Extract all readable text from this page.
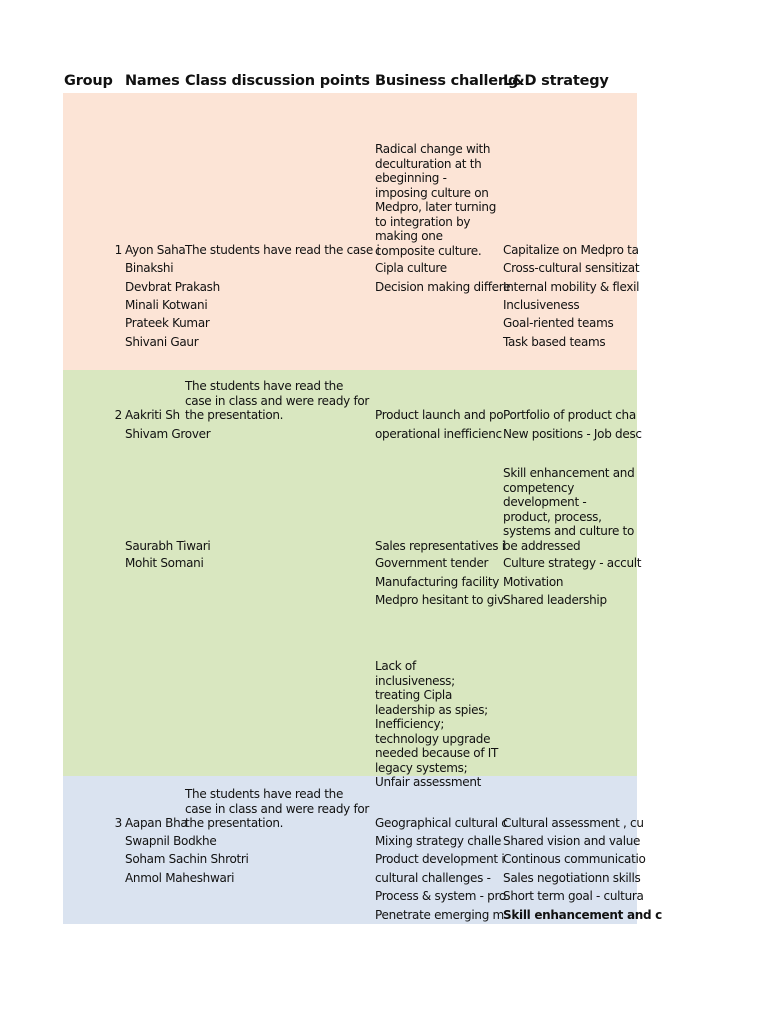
Group Names Class discussion points Business challeng
L&D strategy
1 Ayon Saha
Binakshi
Devbrat Prakash
Minali Kotwani
Prateek Kumar
Shivani Gaur
The students have read the case i
Radical change with deculturation at th ebeginning - imposing culture on Medpro, later turning to integration by making one composite culture.
Cipla culture
Decision making differe
Capitalize on Medpro ta
Cross-cultural sensitizat
Internal mobility & flexil
Inclusiveness
Goal-riented teams
Task based teams
The students have read the case in class and were ready for the presentation.
2 Aakriti Sh
Shivam Grover
Saurabh Tiwari
Mohit Somani
Product launch and po
operational inefficienc
Sales representatives i
Government tender
Manufacturing facility
Medpro hesitant to giv
Lack of inclusiveness; treating Cipla leadership as spies; Inefficiency; technology upgrade needed because of IT legacy systems; Unfair assessment
Portfolio of product cha
New positions - Job desc
Skill enhancement and competency development - product, process, systems and culture to be addressed
Culture strategy - accult
Motivation
Shared leadership
The students have read the case in class and were ready for the presentation.
3 Aapan Bha
Swapnil Bodkhe
Soham Sachin Shrotri
Anmol Maheshwari
Geographical cultural c
Mixing strategy challe
Product development i
cultural challenges -
Process & system - pro
Penetrate emerging m
Cultural assessment , cu
Shared vision and value
Continous communicatio
Sales negotiationn skills
Short term goal - cultura
Skill enhancement and c
